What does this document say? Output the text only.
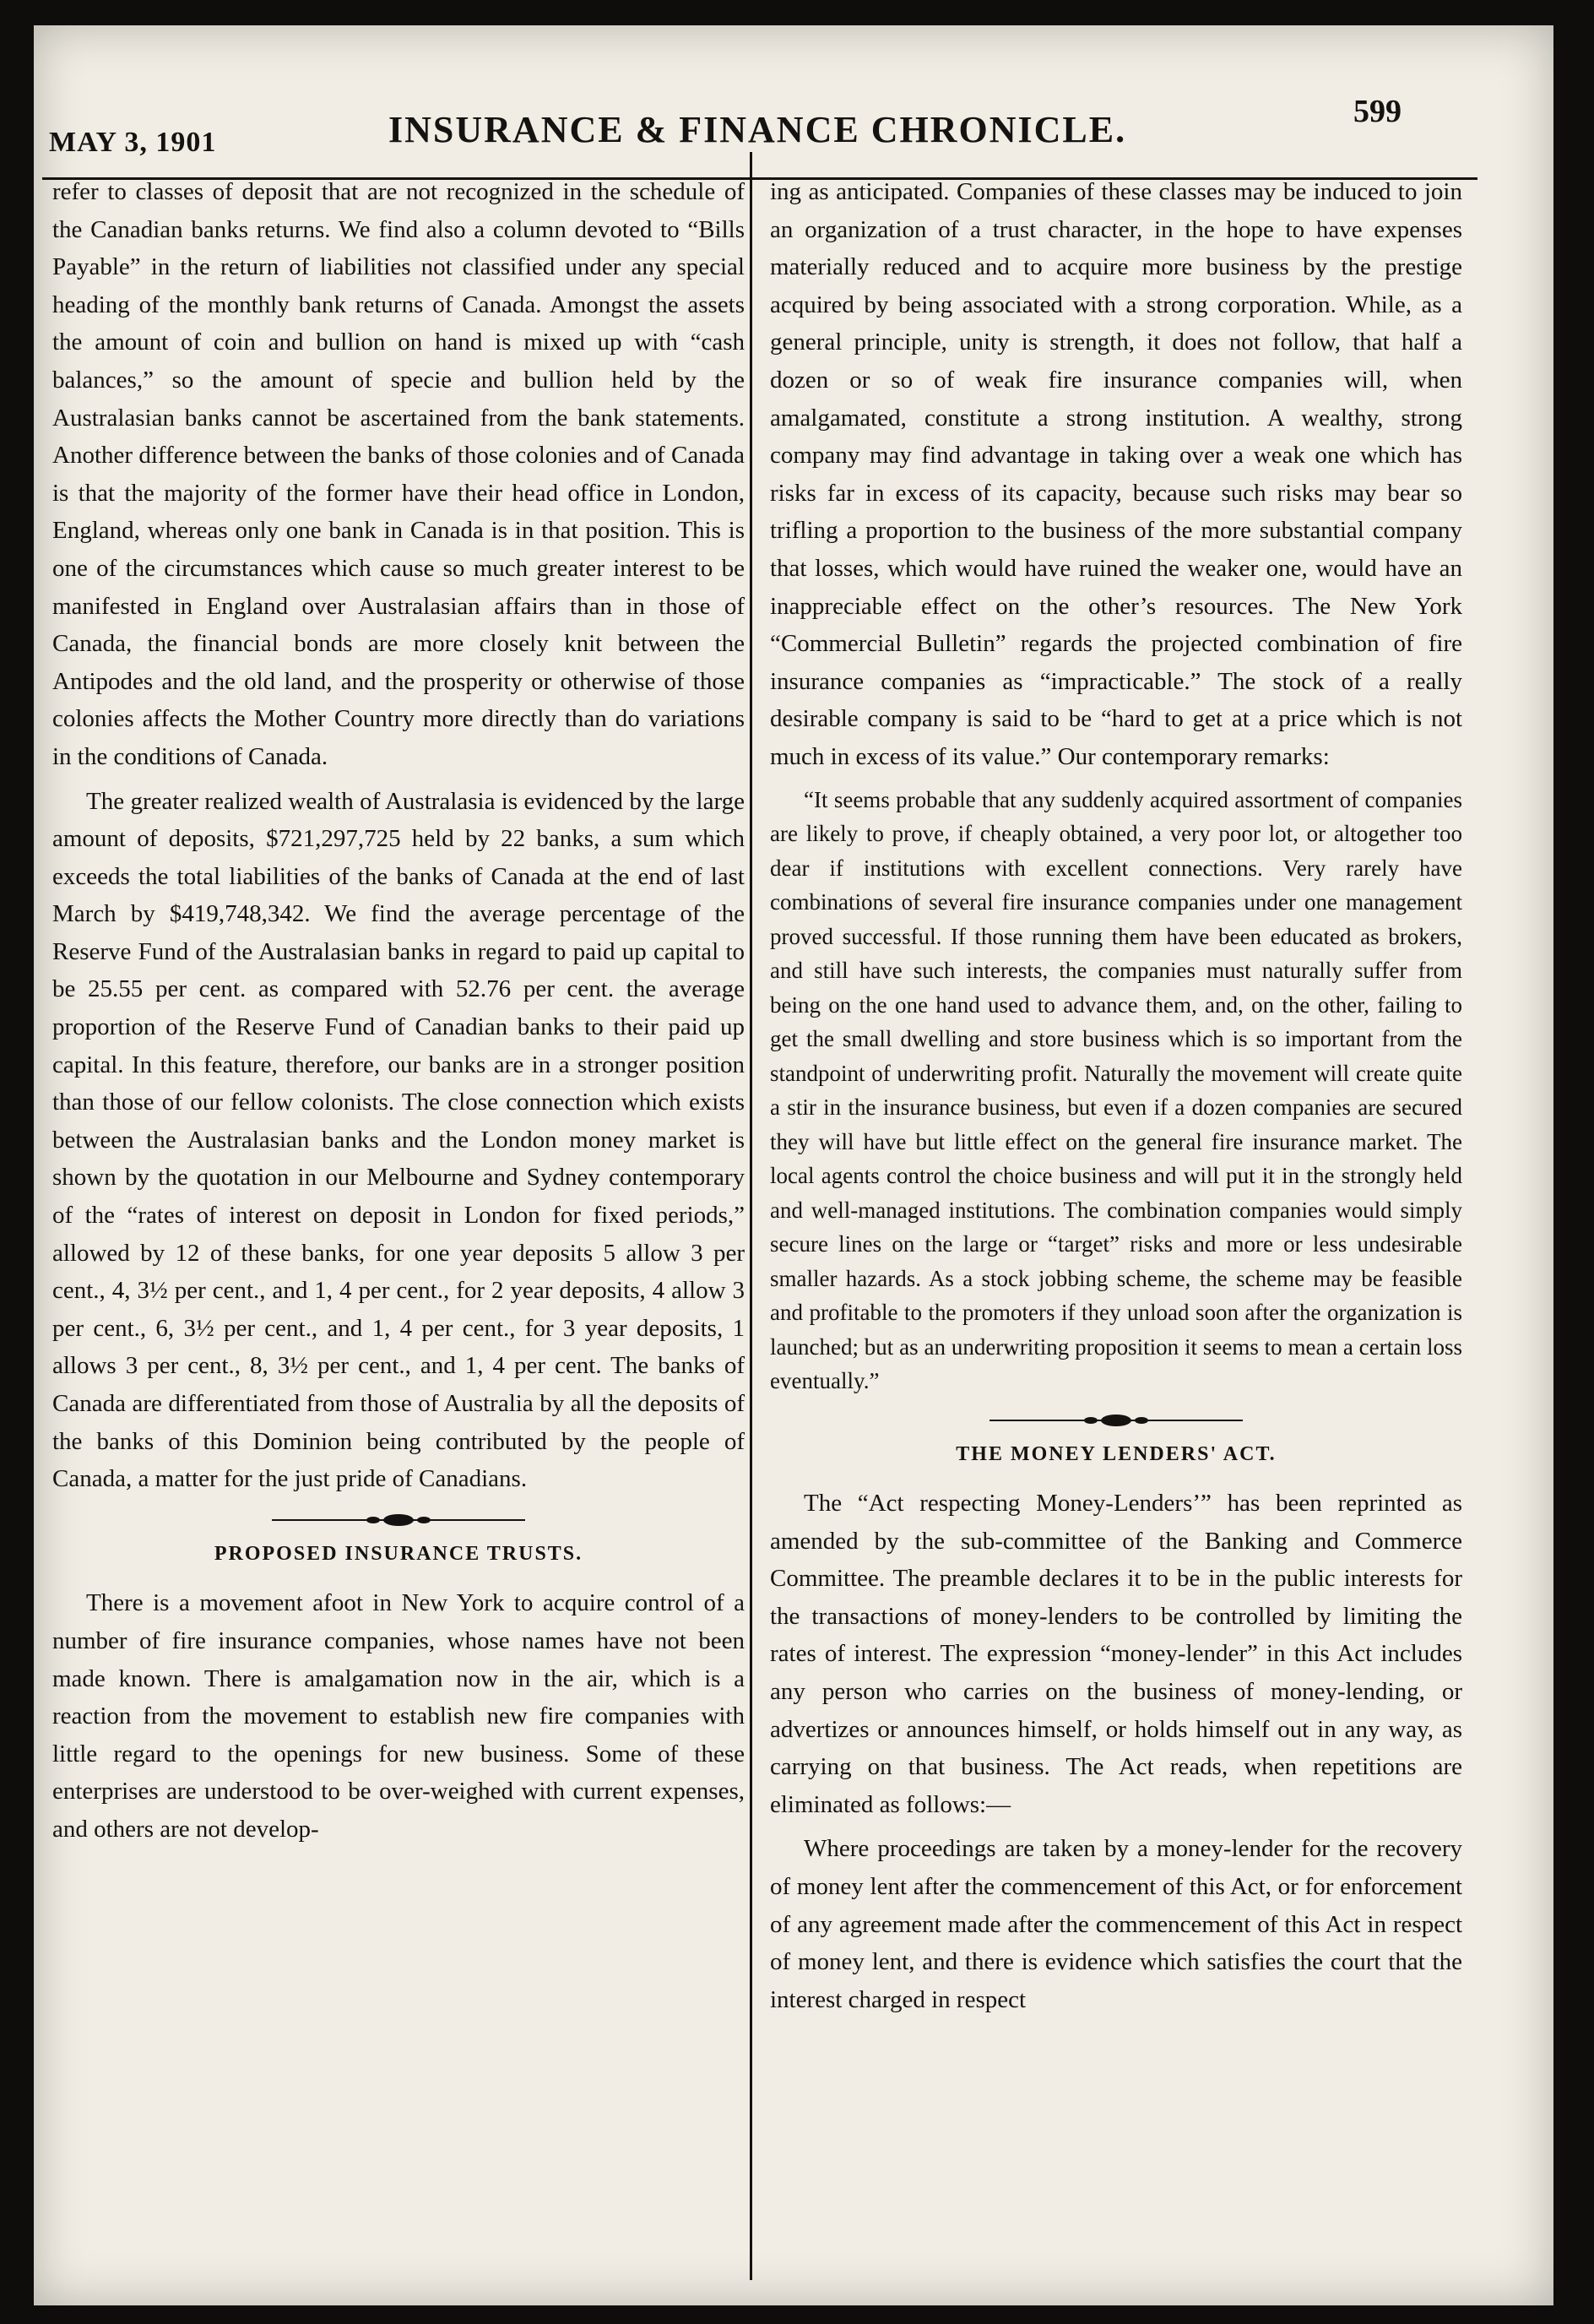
MAY 3, 1901	INSURANCE & FINANCE CHRONICLE.	599

refer to classes of deposit that are not recognized in the schedule of the Canadian banks returns. We find also a column devoted to “Bills Payable” in the return of liabilities not classified under any special heading of the monthly bank returns of Canada. Amongst the assets the amount of coin and bullion on hand is mixed up with “cash balances,” so the amount of specie and bullion held by the Australasian banks cannot be ascertained from the bank statements. Another difference between the banks of those colonies and of Canada is that the majority of the former have their head office in London, England, whereas only one bank in Canada is in that position. This is one of the circumstances which cause so much greater interest to be manifested in England over Australasian affairs than in those of Canada, the financial bonds are more closely knit between the Antipodes and the old land, and the prosperity or otherwise of those colonies affects the Mother Country more directly than do variations in the conditions of Canada.

The greater realized wealth of Australasia is evidenced by the large amount of deposits, $721,297,725 held by 22 banks, a sum which exceeds the total liabilities of the banks of Canada at the end of last March by $419,748,342. We find the average percentage of the Reserve Fund of the Australasian banks in regard to paid up capital to be 25.55 per cent. as compared with 52.76 per cent. the average proportion of the Reserve Fund of Canadian banks to their paid up capital. In this feature, therefore, our banks are in a stronger position than those of our fellow colonists. The close connection which exists between the Australasian banks and the London money market is shown by the quotation in our Melbourne and Sydney contemporary of the “rates of interest on deposit in London for fixed periods,” allowed by 12 of these banks, for one year deposits 5 allow 3 per cent., 4, 3½ per cent., and 1, 4 per cent., for 2 year deposits, 4 allow 3 per cent., 6, 3½ per cent., and 1, 4 per cent., for 3 year deposits, 1 allows 3 per cent., 8, 3½ per cent., and 1, 4 per cent. The banks of Canada are differentiated from those of Australia by all the deposits of the banks of this Dominion being contributed by the people of Canada, a matter for the just pride of Canadians.

PROPOSED INSURANCE TRUSTS.

There is a movement afoot in New York to acquire control of a number of fire insurance companies, whose names have not been made known. There is amalgamation now in the air, which is a reaction from the movement to establish new fire companies with little regard to the openings for new business. Some of these enterprises are understood to be over-weighed with current expenses, and others are not develop-

ing as anticipated. Companies of these classes may be induced to join an organization of a trust character, in the hope to have expenses materially reduced and to acquire more business by the prestige acquired by being associated with a strong corporation. While, as a general principle, unity is strength, it does not follow, that half a dozen or so of weak fire insurance companies will, when amalgamated, constitute a strong institution. A wealthy, strong company may find advantage in taking over a weak one which has risks far in excess of its capacity, because such risks may bear so trifling a proportion to the business of the more substantial company that losses, which would have ruined the weaker one, would have an inappreciable effect on the other’s resources. The New York “Commercial Bulletin” regards the projected combination of fire insurance companies as “impracticable.” The stock of a really desirable company is said to be “hard to get at a price which is not much in excess of its value.” Our contemporary remarks:

“It seems probable that any suddenly acquired assortment of companies are likely to prove, if cheaply obtained, a very poor lot, or altogether too dear if institutions with excellent connections. Very rarely have combinations of several fire insurance companies under one management proved successful. If those running them have been educated as brokers, and still have such interests, the companies must naturally suffer from being on the one hand used to advance them, and, on the other, failing to get the small dwelling and store business which is so important from the standpoint of underwriting profit. Naturally the movement will create quite a stir in the insurance business, but even if a dozen companies are secured they will have but little effect on the general fire insurance market. The local agents control the choice business and will put it in the strongly held and well-managed institutions. The combination companies would simply secure lines on the large or “target” risks and more or less undesirable smaller hazards. As a stock jobbing scheme, the scheme may be feasible and profitable to the promoters if they unload soon after the organization is launched; but as an underwriting proposition it seems to mean a certain loss eventually.”

THE MONEY LENDERS' ACT.

The “Act respecting Money-Lenders’” has been reprinted as amended by the sub-committee of the Banking and Commerce Committee. The preamble declares it to be in the public interests for the transactions of money-lenders to be controlled by limiting the rates of interest. The expression “money-lender” in this Act includes any person who carries on the business of money-lending, or advertizes or announces himself, or holds himself out in any way, as carrying on that business. The Act reads, when repetitions are eliminated as follows:—

Where proceedings are taken by a money-lender for the recovery of money lent after the commencement of this Act, or for enforcement of any agreement made after the commencement of this Act in respect of money lent, and there is evidence which satisfies the court that the interest charged in respect
